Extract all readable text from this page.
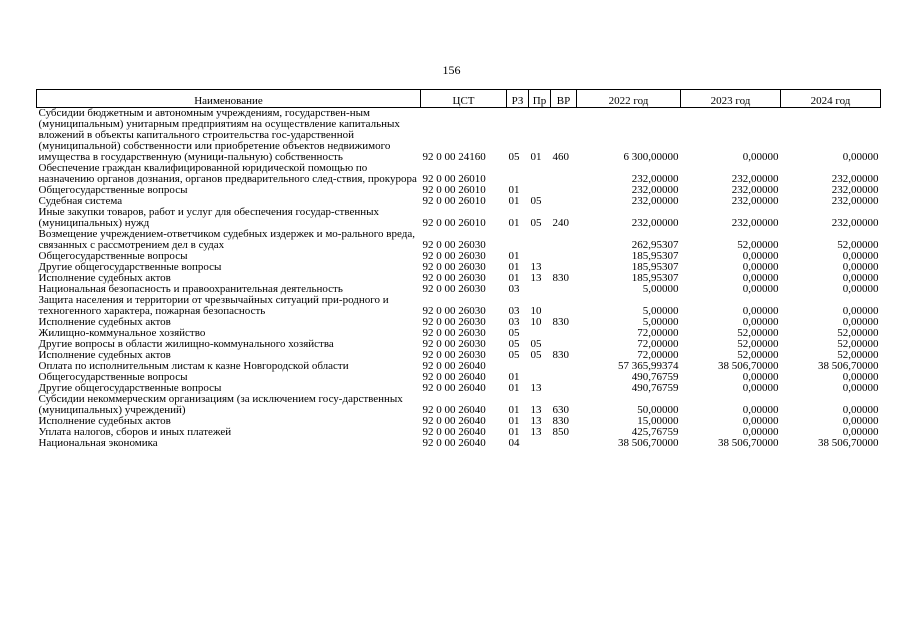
156
Наименование	ЦСТ	РЗ	Пр	ВР	2022 год	2023 год	2024 год
Субсидии бюджетным и автономным учреждениям, государствен-ным (муниципальным) унитарным предприятиям на осуществление капитальных вложений в объекты капитального строительства гос-ударственной (муниципальной) собственности или приобретение объектов недвижимого имущества в государственную (муници-пальную) собственность	92 0 00 24160	05	01	460	6 300,00000	0,00000	0,00000
Обеспечение граждан квалифицированной юридической помощью по назначению органов дознания, органов предварительного след-ствия, прокурора	92 0 00 26010				232,00000	232,00000	232,00000
Общегосударственные вопросы	92 0 00 26010	01			232,00000	232,00000	232,00000
Судебная система	92 0 00 26010	01	05		232,00000	232,00000	232,00000
Иные закупки товаров, работ и услуг для обеспечения государ-ственных (муниципальных) нужд	92 0 00 26010	01	05	240	232,00000	232,00000	232,00000
Возмещение учреждением-ответчиком судебных издержек и мо-рального вреда, связанных с рассмотрением дел в судах	92 0 00 26030				262,95307	52,00000	52,00000
Общегосударственные вопросы	92 0 00 26030	01			185,95307	0,00000	0,00000
Другие общегосударственные вопросы	92 0 00 26030	01	13		185,95307	0,00000	0,00000
Исполнение судебных актов	92 0 00 26030	01	13	830	185,95307	0,00000	0,00000
Национальная безопасность и правоохранительная деятельность	92 0 00 26030	03			5,00000	0,00000	0,00000
Защита населения и территории от чрезвычайных ситуаций при-родного и техногенного характера, пожарная безопасность	92 0 00 26030	03	10		5,00000	0,00000	0,00000
Исполнение судебных актов	92 0 00 26030	03	10	830	5,00000	0,00000	0,00000
Жилищно-коммунальное хозяйство	92 0 00 26030	05			72,00000	52,00000	52,00000
Другие вопросы в области жилищно-коммунального хозяйства	92 0 00 26030	05	05		72,00000	52,00000	52,00000
Исполнение судебных актов	92 0 00 26030	05	05	830	72,00000	52,00000	52,00000
Оплата по исполнительным листам к казне Новгородской области	92 0 00 26040				57 365,99374	38 506,70000	38 506,70000
Общегосударственные вопросы	92 0 00 26040	01			490,76759	0,00000	0,00000
Другие общегосударственные вопросы	92 0 00 26040	01	13		490,76759	0,00000	0,00000
Субсидии некоммерческим организациям (за исключением госу-дарственных (муниципальных) учреждений)	92 0 00 26040	01	13	630	50,00000	0,00000	0,00000
Исполнение судебных актов	92 0 00 26040	01	13	830	15,00000	0,00000	0,00000
Уплата налогов, сборов и иных платежей	92 0 00 26040	01	13	850	425,76759	0,00000	0,00000
Национальная экономика	92 0 00 26040	04			38 506,70000	38 506,70000	38 506,70000
